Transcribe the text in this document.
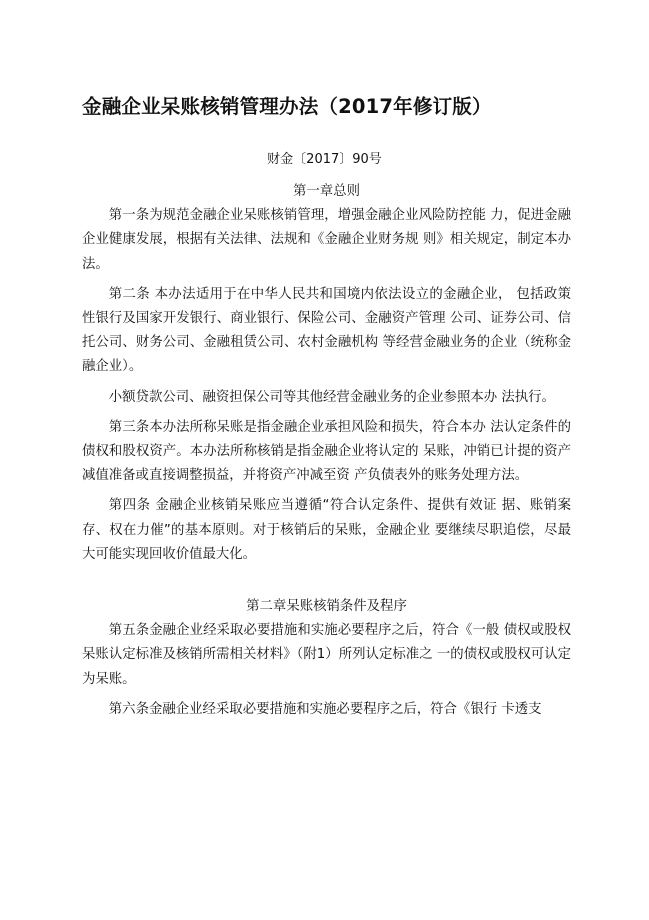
金融企业呆账核销管理办法（2017年修订版）
财金〔2017〕90号
第一章总则

第一条为规范金融企业呆账核销管理，增强金融企业风险防控能 力，促进金融企业健康发展，根据有关法律、法规和《金融企业财务规 则》相关规定，制定本办法。

第二条 本办法适用于在中华人民共和国境内依法设立的金融企业， 包括政策性银行及国家开发银行、商业银行、保险公司、金融资产管理 公司、证券公司、信托公司、财务公司、金融租赁公司、农村金融机构 等经营金融业务的企业（统称金融企业）。

小额贷款公司、融资担保公司等其他经营金融业务的企业参照本办 法执行。

第三条本办法所称呆账是指金融企业承担风险和损失，符合本办 法认定条件的债权和股权资产。本办法所称核销是指金融企业将认定的 呆账，冲销已计提的资产减值准备或直接调整损益，并将资产冲减至资 产负债表外的账务处理方法。

第四条 金融企业核销呆账应当遵循“符合认定条件、提供有效证 据、账销案存、权在力催”的基本原则。对于核销后的呆账，金融企业 要继续尽职追偿，尽最大可能实现回收价值最大化。

第二章呆账核销条件及程序

第五条金融企业经采取必要措施和实施必要程序之后，符合《一般 债权或股权呆账认定标准及核销所需相关材料》（附1）所列认定标准之 一的债权或股权可认定为呆账。

第六条金融企业经采取必要措施和实施必要程序之后，符合《银行 卡透支
